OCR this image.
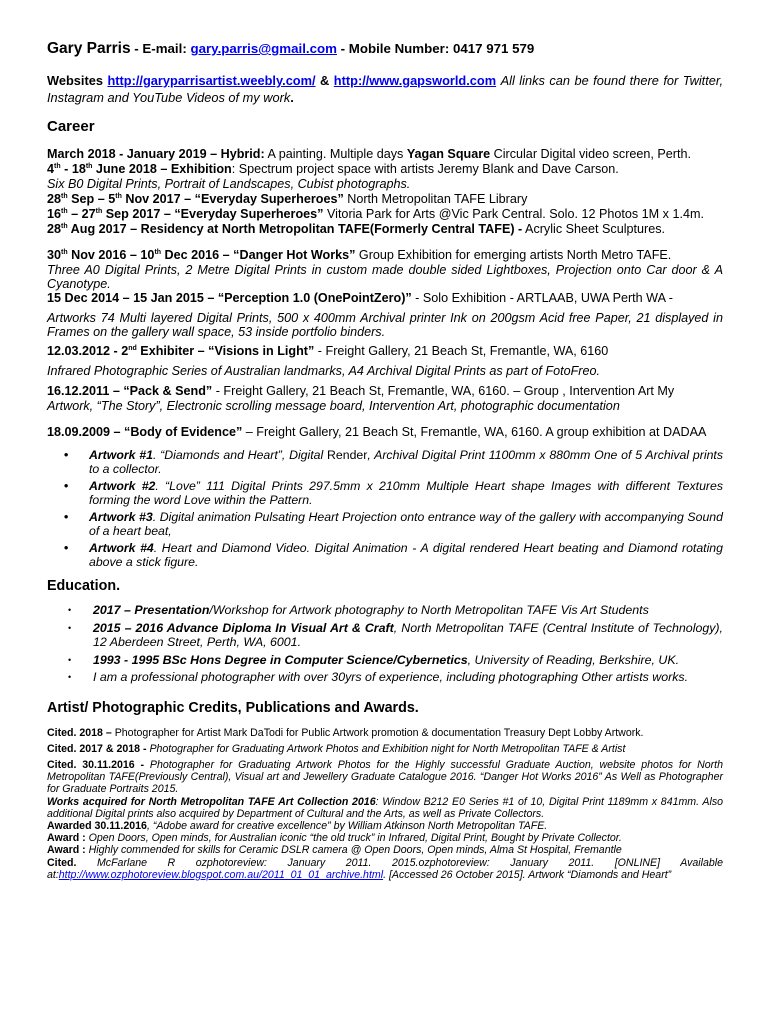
Gary Parris - E-mail: gary.parris@gmail.com - Mobile Number: 0417 971 579
Websites http://garyparrisartist.weebly.com/ & http://www.gapsworld.com All links can be found there for Twitter, Instagram and YouTube Videos of my work.
Career

March 2018 - January 2019 – Hybrid: A painting. Multiple days Yagan Square Circular Digital video screen, Perth.

4th - 18th June 2018 – Exhibition: Spectrum project space with artists Jeremy Blank and Dave Carson.

Six B0 Digital Prints, Portrait of Landscapes, Cubist photographs.

28th Sep – 5th Nov 2017 – “Everyday Superheroes” North Metropolitan TAFE Library

16th – 27th Sep 2017 – “Everyday Superheroes” Vitoria Park for Arts @Vic Park Central. Solo. 12 Photos 1M x 1.4m.

28th Aug 2017 – Residency at North Metropolitan TAFE(Formerly Central TAFE) - Acrylic Sheet Sculptures.

30th Nov 2016 – 10th Dec 2016 – “Danger Hot Works” Group Exhibition for emerging artists North Metro TAFE.

Three A0 Digital Prints, 2 Metre Digital Prints in custom made double sided Lightboxes, Projection onto Car door & A Cyanotype.

15 Dec 2014 – 15 Jan 2015 – “Perception 1.0 (OnePointZero)” - Solo Exhibition - ARTLAAB, UWA Perth WA -

Artworks 74 Multi layered Digital Prints, 500 x 400mm Archival printer Ink on 200gsm Acid free Paper, 21 displayed in Frames on the gallery wall space, 53 inside portfolio binders.

12.03.2012 - 2nd Exhibiter – “Visions in Light” - Freight Gallery, 21 Beach St, Fremantle, WA, 6160

Infrared Photographic Series of Australian landmarks, A4 Archival Digital Prints as part of FotoFreo.

16.12.2011 – “Pack & Send” - Freight Gallery, 21 Beach St, Fremantle, WA, 6160. – Group , Intervention Art My

Artwork, “The Story”, Electronic scrolling message board, Intervention Art, photographic documentation

18.09.2009 – “Body of Evidence” – Freight Gallery, 21 Beach St, Fremantle, WA, 6160. A group exhibition at DADAA

• Artwork #1. “Diamonds and Heart”, Digital Render, Archival Digital Print 1100mm x 880mm One of 5 Archival prints to a collector.
• Artwork #2. “Love” 111 Digital Prints 297.5mm x 210mm Multiple Heart shape Images with different Textures forming the word Love within the Pattern.
• Artwork #3. Digital animation Pulsating Heart Projection onto entrance way of the gallery with accompanying Sound of a heart beat,
• Artwork #4. Heart and Diamond Video. Digital Animation - A digital rendered Heart beating and Diamond rotating above a stick figure.
Education.
• 2017 – Presentation/Workshop for Artwork photography to North Metropolitan TAFE Vis Art Students
• 2015 – 2016 Advance Diploma In Visual Art & Craft, North Metropolitan TAFE (Central Institute of Technology), 12 Aberdeen Street, Perth, WA, 6001.
• 1993 - 1995 BSc Hons Degree in Computer Science/Cybernetics, University of Reading, Berkshire, UK.
• I am a professional photographer with over 30yrs of experience, including photographing Other artists works.
Artist/ Photographic Credits, Publications and Awards.

Cited. 2018 – Photographer for Artist Mark DaTodi for Public Artwork promotion & documentation Treasury Dept Lobby Artwork.

Cited. 2017 & 2018 - Photographer for Graduating Artwork Photos and Exhibition night for North Metropolitan TAFE & Artist

Cited. 30.11.2016 - Photographer for Graduating Artwork Photos for the Highly successful Graduate Auction, website photos for North Metropolitan TAFE(Previously Central), Visual art and Jewellery Graduate Catalogue 2016. “Danger Hot Works 2016” As Well as Photographer for Graduate Portraits 2015.

Works acquired for North Metropolitan TAFE Art Collection 2016: Window B212 E0 Series #1 of 10, Digital Print 1189mm x 841mm. Also additional Digital prints also acquired by Department of Cultural and the Arts, as well as Private Collectors.

Awarded 30.11.2016, “Adobe award for creative excellence” by William Atkinson North Metropolitan TAFE.

Award : Open Doors, Open minds, for Australian iconic “the old truck” in Infrared, Digital Print, Bought by Private Collector.

Award : Highly commended for skills for Ceramic DSLR camera @ Open Doors, Open minds, Alma St Hospital, Fremantle

Cited. McFarlane R ozphotoreview: January 2011. 2015.ozphotoreview: January 2011. [ONLINE] Available at:http://www.ozphotoreview.blogspot.com.au/2011_01_01_archive.html. [Accessed 26 October 2015]. Artwork “Diamonds and Heart”
